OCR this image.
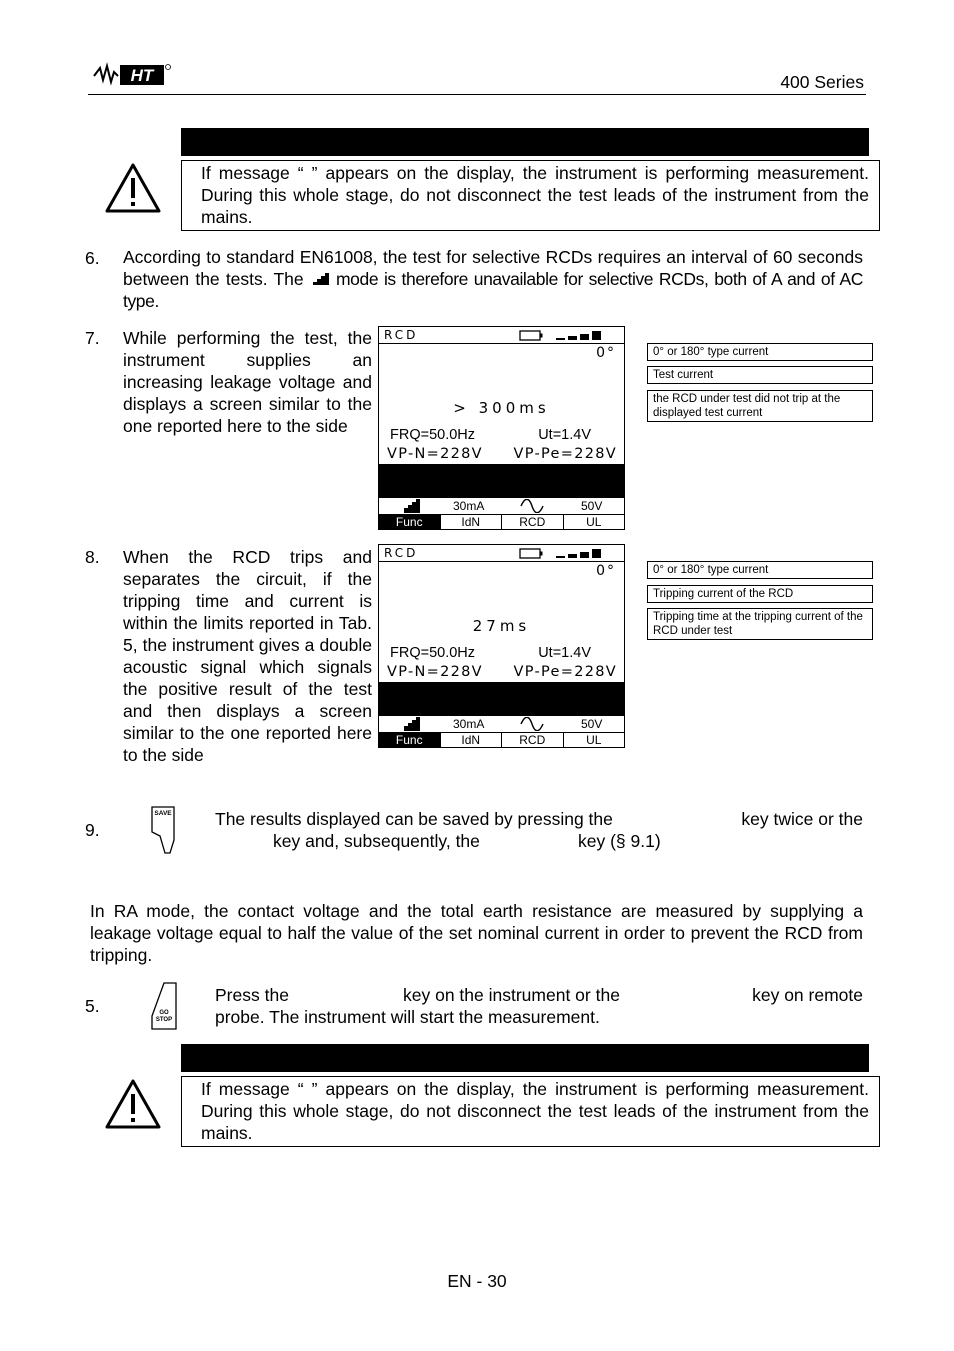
HT	400 Series
If message “ ” appears on the display, the instrument is performing measurement. During this whole stage, do not disconnect the test leads of the instrument from the mains.
6. According to standard EN61008, the test for selective RCDs requires an interval of 60 seconds between the tests. The mode is therefore unavailable for selective RCDs, both of A and of AC type.
7. While performing the test, the instrument supplies an increasing leakage voltage and displays a screen similar to the one reported here to the side
RCD
0°
> 300ms
FRQ=50.0Hz	Ut=1.4V
VP-N=228V VP-Pe=228V
30mA	50V
Func	IdN	RCD	UL
0° or 180° type current
Test current
the RCD under test did not trip at the displayed test current
8. When the RCD trips and separates the circuit, if the tripping time and current is within the limits reported in Tab. 5, the instrument gives a double acoustic signal which signals the positive result of the test and then displays a screen similar to the one reported here to the side
RCD
0°
27ms
FRQ=50.0Hz	Ut=1.4V
VP-N=228V VP-Pe=228V
30mA	50V
Func	IdN	RCD	UL
0° or 180° type current
Tripping current of the RCD
Tripping time at the tripping current of the RCD under test
9.
SAVE The results displayed can be saved by pressing the	key twice or the
key and, subsequently, the	key (§ 9.1)
In RA mode, the contact voltage and the total earth resistance are measured by supplying a leakage voltage equal to half the value of the set nominal current in order to prevent the RCD from tripping.
5.	GO
STOP
Press the	key on the instrument or the	key on remote
probe. The instrument will start the measurement.
If message “ ” appears on the display, the instrument is performing measurement. During this whole stage, do not disconnect the test leads of the instrument from the mains.
EN - 30
